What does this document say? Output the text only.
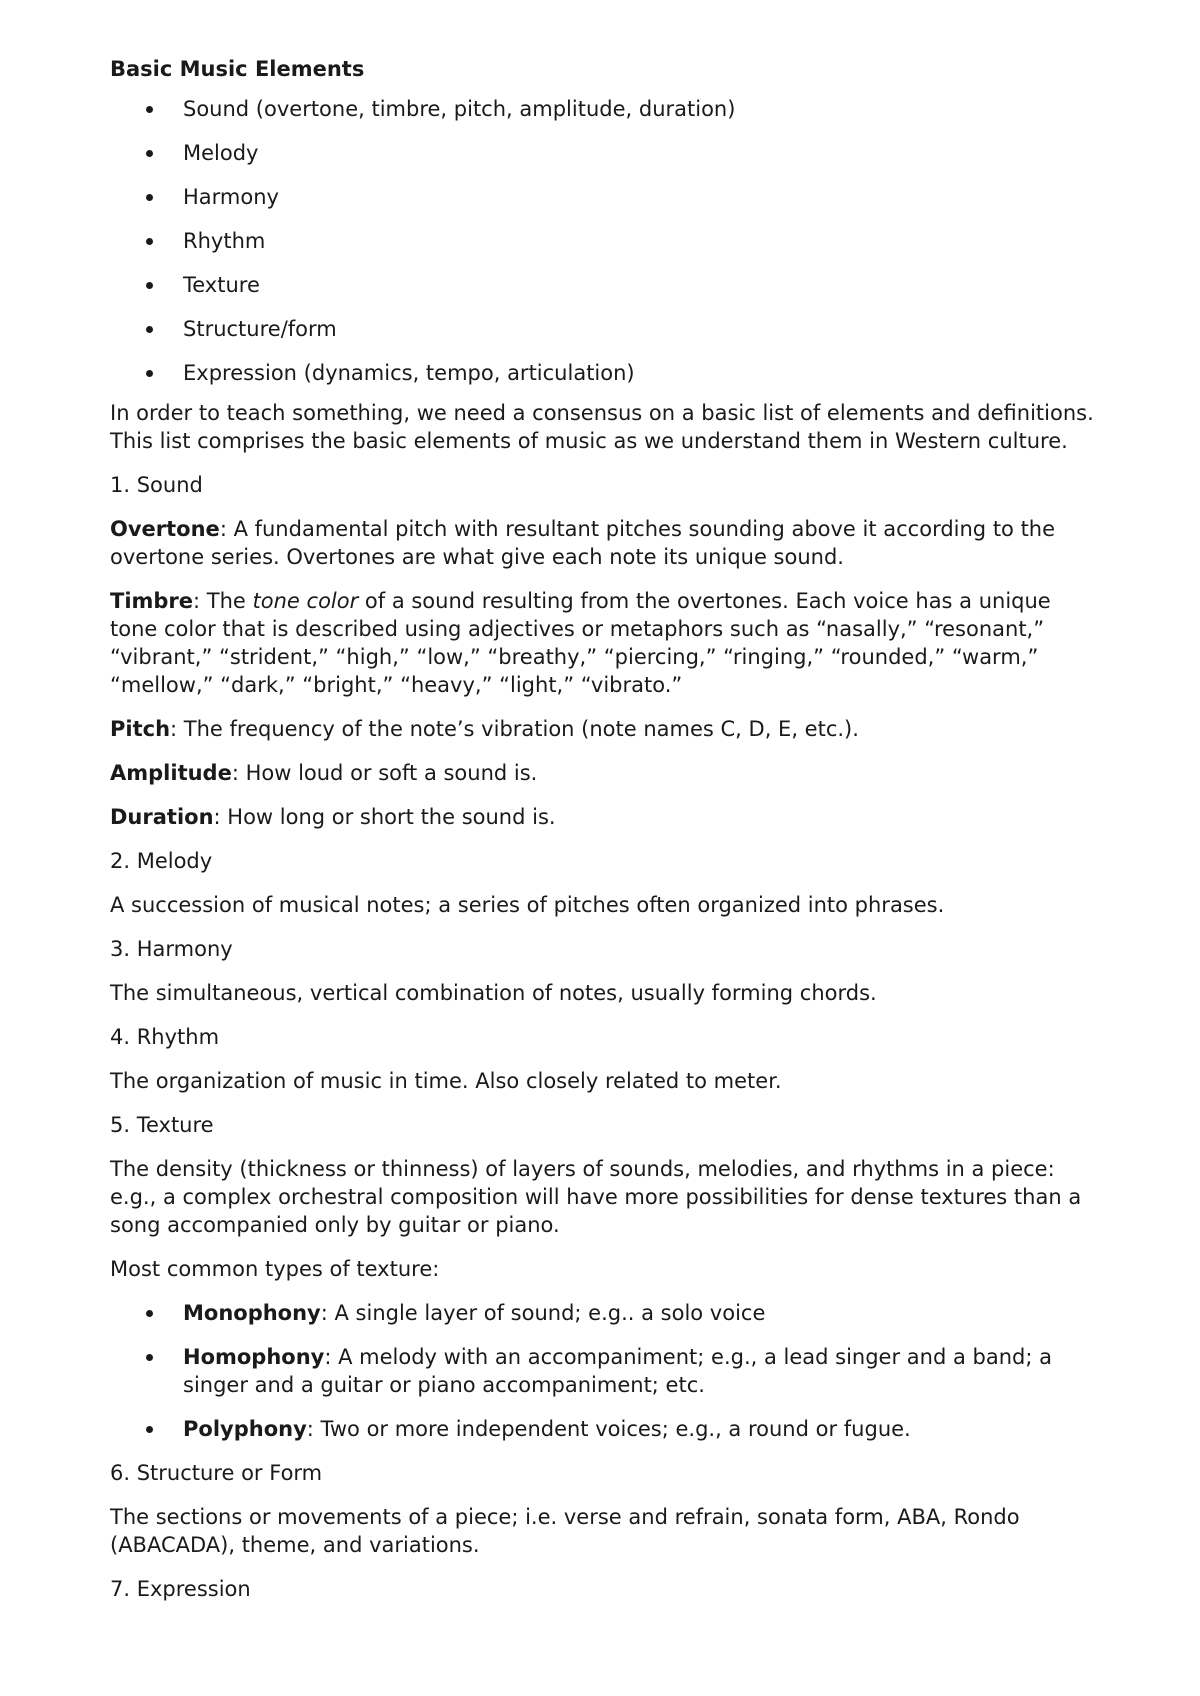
Basic Music Elements
Sound (overtone, timbre, pitch, amplitude, duration)
Melody
Harmony
Rhythm
Texture
Structure/form
Expression (dynamics, tempo, articulation)

In order to teach something, we need a consensus on a basic list of elements and definitions. This list comprises the basic elements of music as we understand them in Western culture.

1. Sound

Overtone: A fundamental pitch with resultant pitches sounding above it according to the overtone series. Overtones are what give each note its unique sound.

Timbre: The tone color of a sound resulting from the overtones. Each voice has a unique tone color that is described using adjectives or metaphors such as “nasally,” “resonant,” “vibrant,” “strident,” “high,” “low,” “breathy,” “piercing,” “ringing,” “rounded,” “warm,” “mellow,” “dark,” “bright,” “heavy,” “light,” “vibrato.”

Pitch: The frequency of the note’s vibration (note names C, D, E, etc.).

Amplitude: How loud or soft a sound is.

Duration: How long or short the sound is.

2. Melody

A succession of musical notes; a series of pitches often organized into phrases.

3. Harmony

The simultaneous, vertical combination of notes, usually forming chords.

4. Rhythm

The organization of music in time. Also closely related to meter.

5. Texture

The density (thickness or thinness) of layers of sounds, melodies, and rhythms in a piece: e.g., a complex orchestral composition will have more possibilities for dense textures than a song accompanied only by guitar or piano.

Most common types of texture:

Monophony: A single layer of sound; e.g.. a solo voice
Homophony: A melody with an accompaniment; e.g., a lead singer and a band; a singer and a guitar or piano accompaniment; etc.
Polyphony: Two or more independent voices; e.g., a round or fugue.

6. Structure or Form

The sections or movements of a piece; i.e. verse and refrain, sonata form, ABA, Rondo (ABACADA), theme, and variations.

7. Expression
